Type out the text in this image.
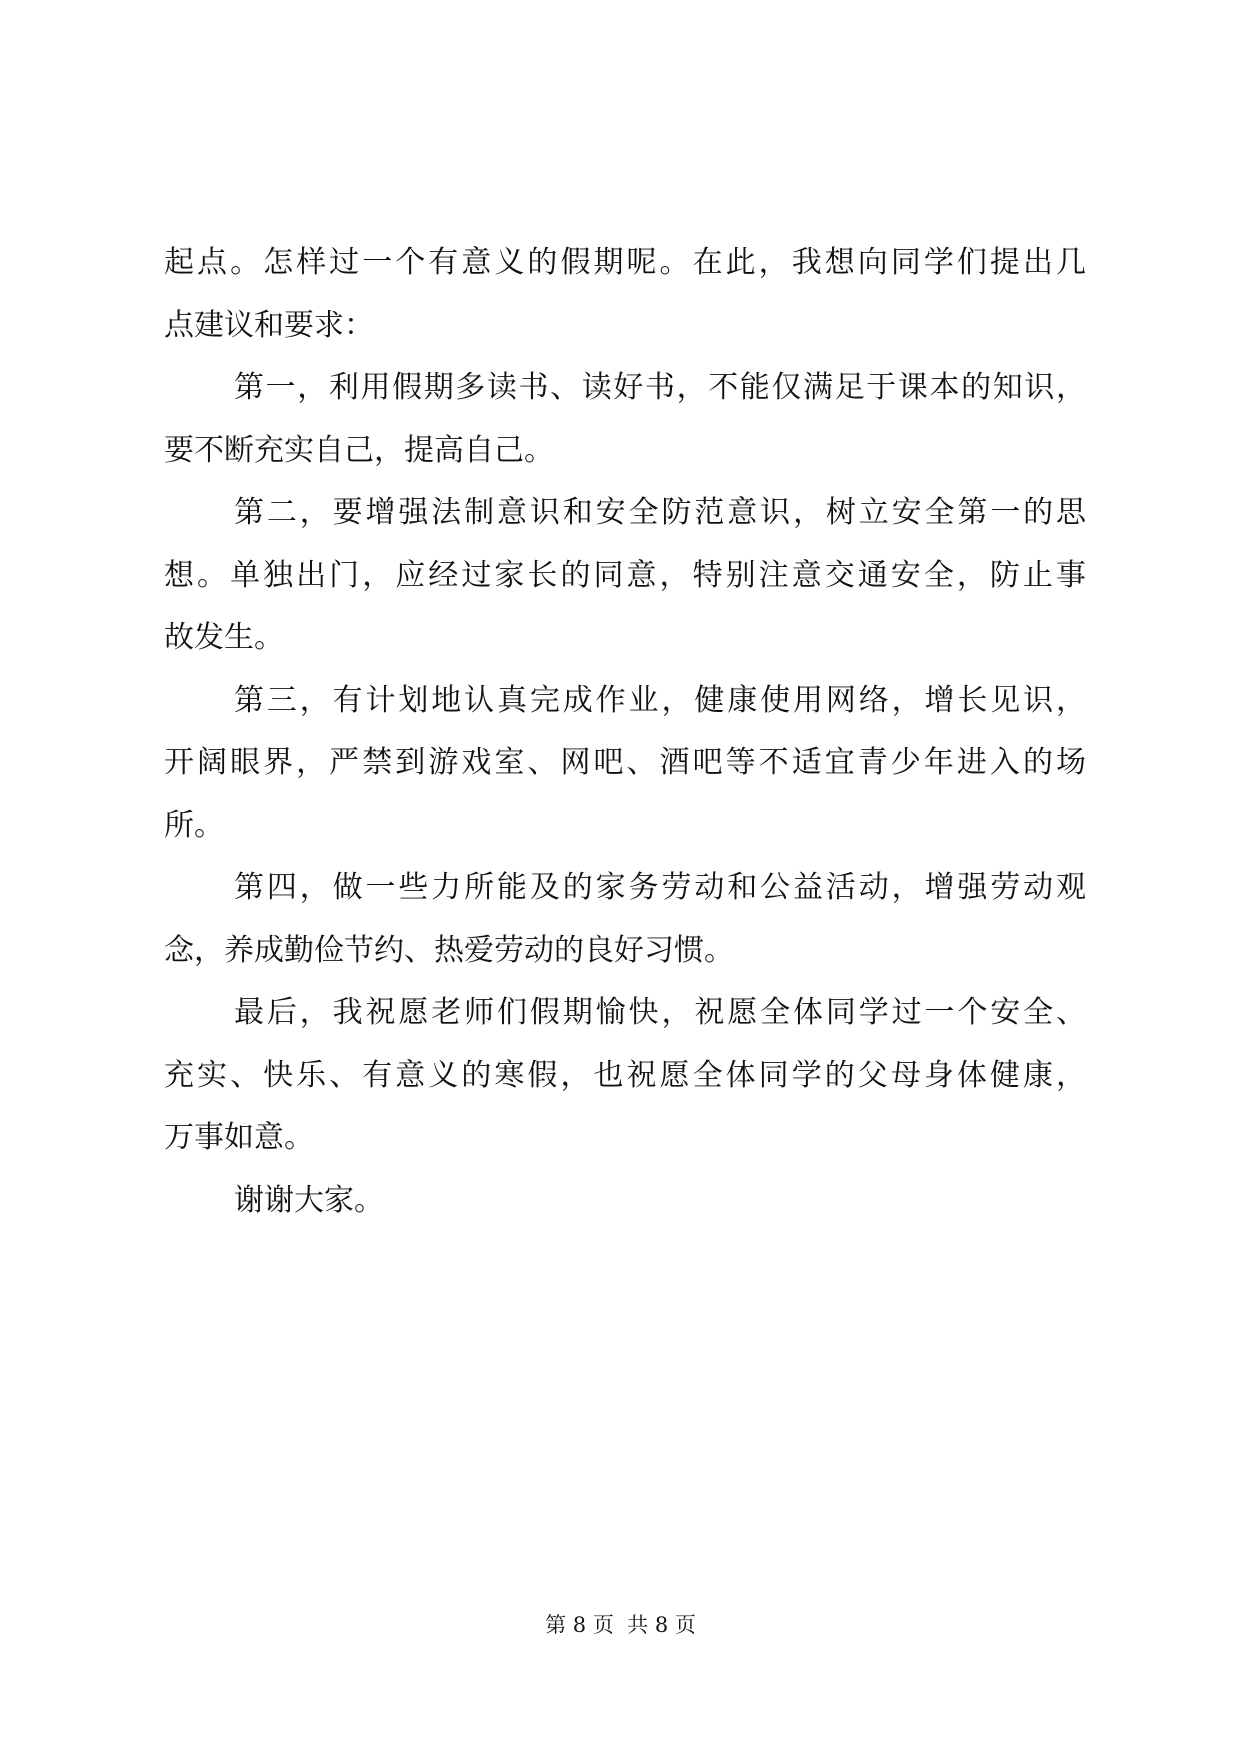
起点。怎样过一个有意义的假期呢。在此，我想向同学们提出几
点建议和要求：
第一，利用假期多读书、读好书，不能仅满足于课本的知识，
要不断充实自己，提高自己。
第二，要增强法制意识和安全防范意识，树立安全第一的思
想。单独出门，应经过家长的同意，特别注意交通安全，防止事
故发生。
第三，有计划地认真完成作业，健康使用网络，增长见识，
开阔眼界，严禁到游戏室、网吧、酒吧等不适宜青少年进入的场
所。
第四，做一些力所能及的家务劳动和公益活动，增强劳动观
念，养成勤俭节约、热爱劳动的良好习惯。
最后，我祝愿老师们假期愉快，祝愿全体同学过一个安全、
充实、快乐、有意义的寒假，也祝愿全体同学的父母身体健康，
万事如意。
谢谢大家。
第 8 页  共 8 页
